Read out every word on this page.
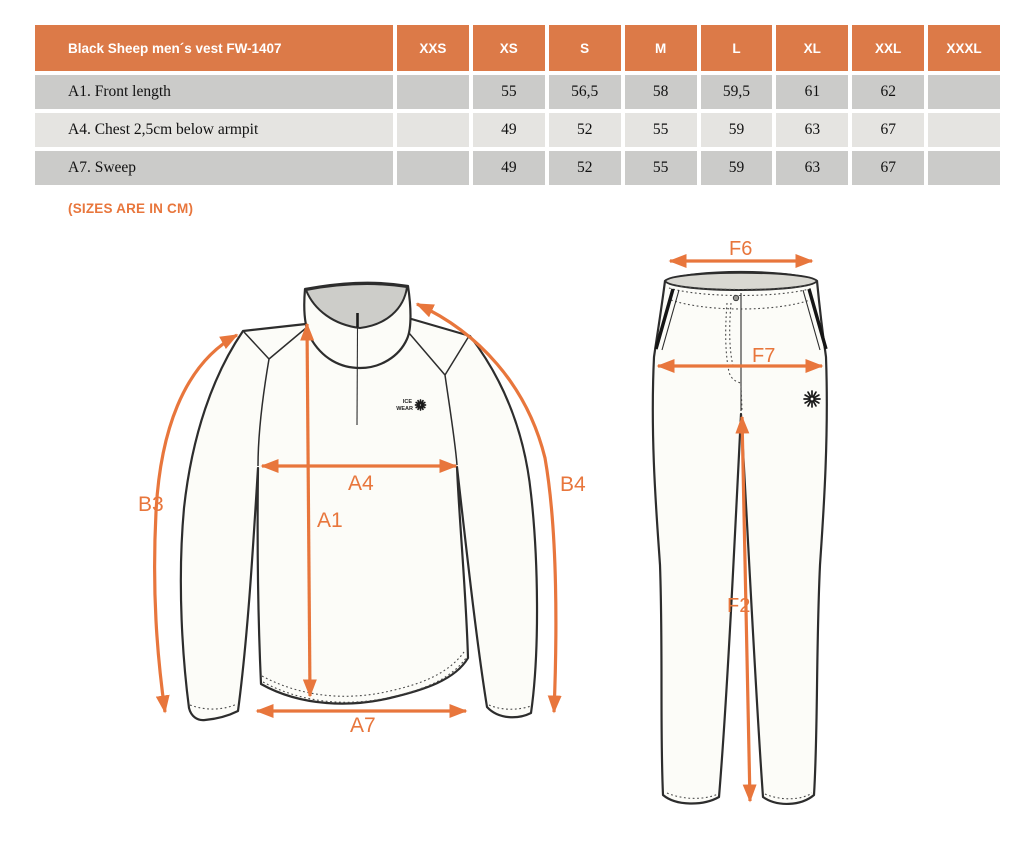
Black Sheep men´s vest FW-1407	XXS	XS	S	M	L	XL	XXL	XXXL
A1. Front length		55	56,5	58	59,5	61	62	
A4. Chest 2,5cm below armpit		49	52	55	59	63	67	
A7. Sweep		49	52	55	59	63	67	
(SIZES ARE IN CM)
ICE
WEAR
B3
B4
A4
A1
A7
F6
F7
F2
